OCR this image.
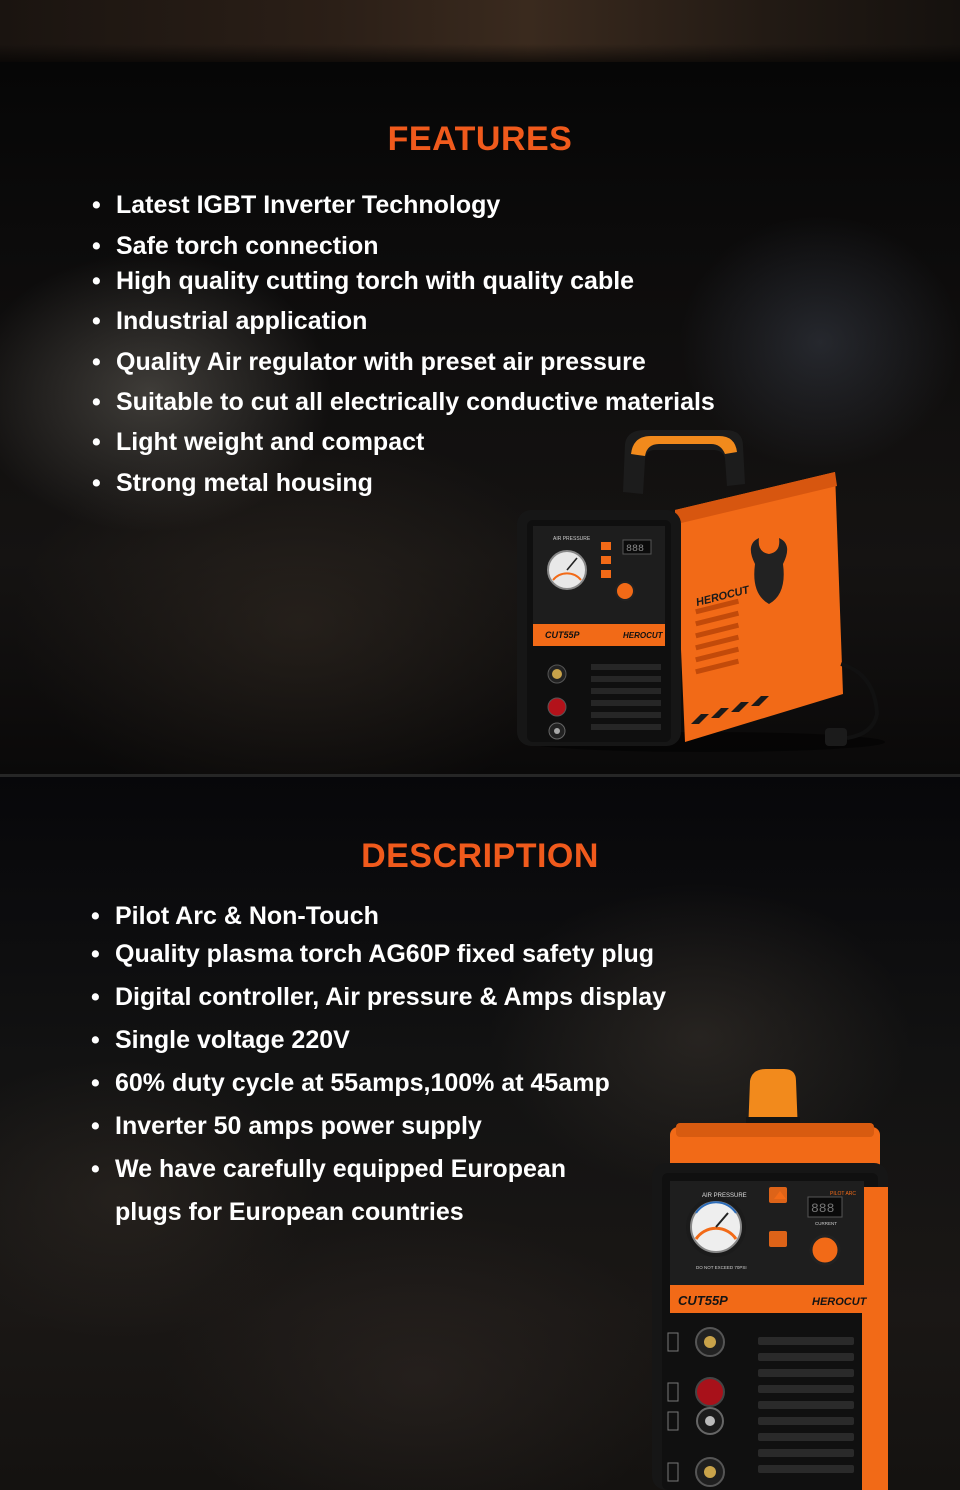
FEATURES
• Latest IGBT Inverter Technology
• Safe torch connection
• High quality cutting torch with quality cable
• Industrial application
• Quality Air regulator with preset air pressure
• Suitable to cut all electrically conductive materials
• Light weight and compact
• Strong metal housing
AIR PRESSURE
888
CUT55P	HEROCUT
HEROCUT
DESCRIPTION
• Pilot Arc & Non-Touch
• Quality plasma torch AG60P fixed safety plug
• Digital controller, Air pressure & Amps display
• Single voltage 220V
• 60% duty cycle at 55amps,100% at 45amp
• Inverter 50 amps power supply
• We have carefully equipped European
plugs for European countries
AIR PRESSURE	PILOT ARC
DO NOT EXCEED 70PSI
888
CURRENT
CUT55P	HEROCUT
